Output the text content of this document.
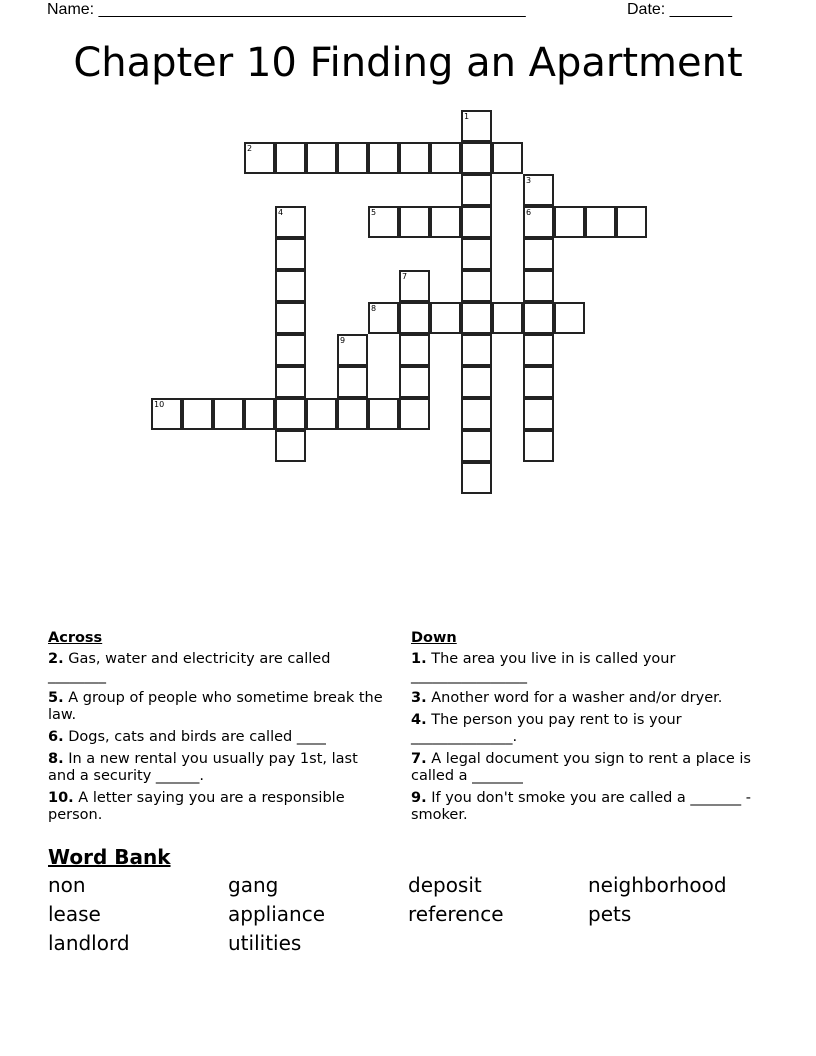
Name: ________________________________________________	Date: _______
Chapter 10 Finding an Apartment
1
2
3
6
4	5
7
8
9
10
Across
2. Gas, water and electricity are called ________
5. A group of people who sometime break the law.
6. Dogs, cats and birds are called ____
8. In a new rental you usually pay 1st, last and a security ______.
10. A letter saying you are a responsible person.
Down
1. The area you live in is called your ________________
3. Another word for a washer and/or dryer.
4. The person you pay rent to is your ______________.
7. A legal document you sign to rent a place is called a _______
9. If you don't smoke you are called a _______ -smoker.
Word Bank
non	gang	deposit	neighborhood
lease	appliance	reference	pets
landlord	utilities
